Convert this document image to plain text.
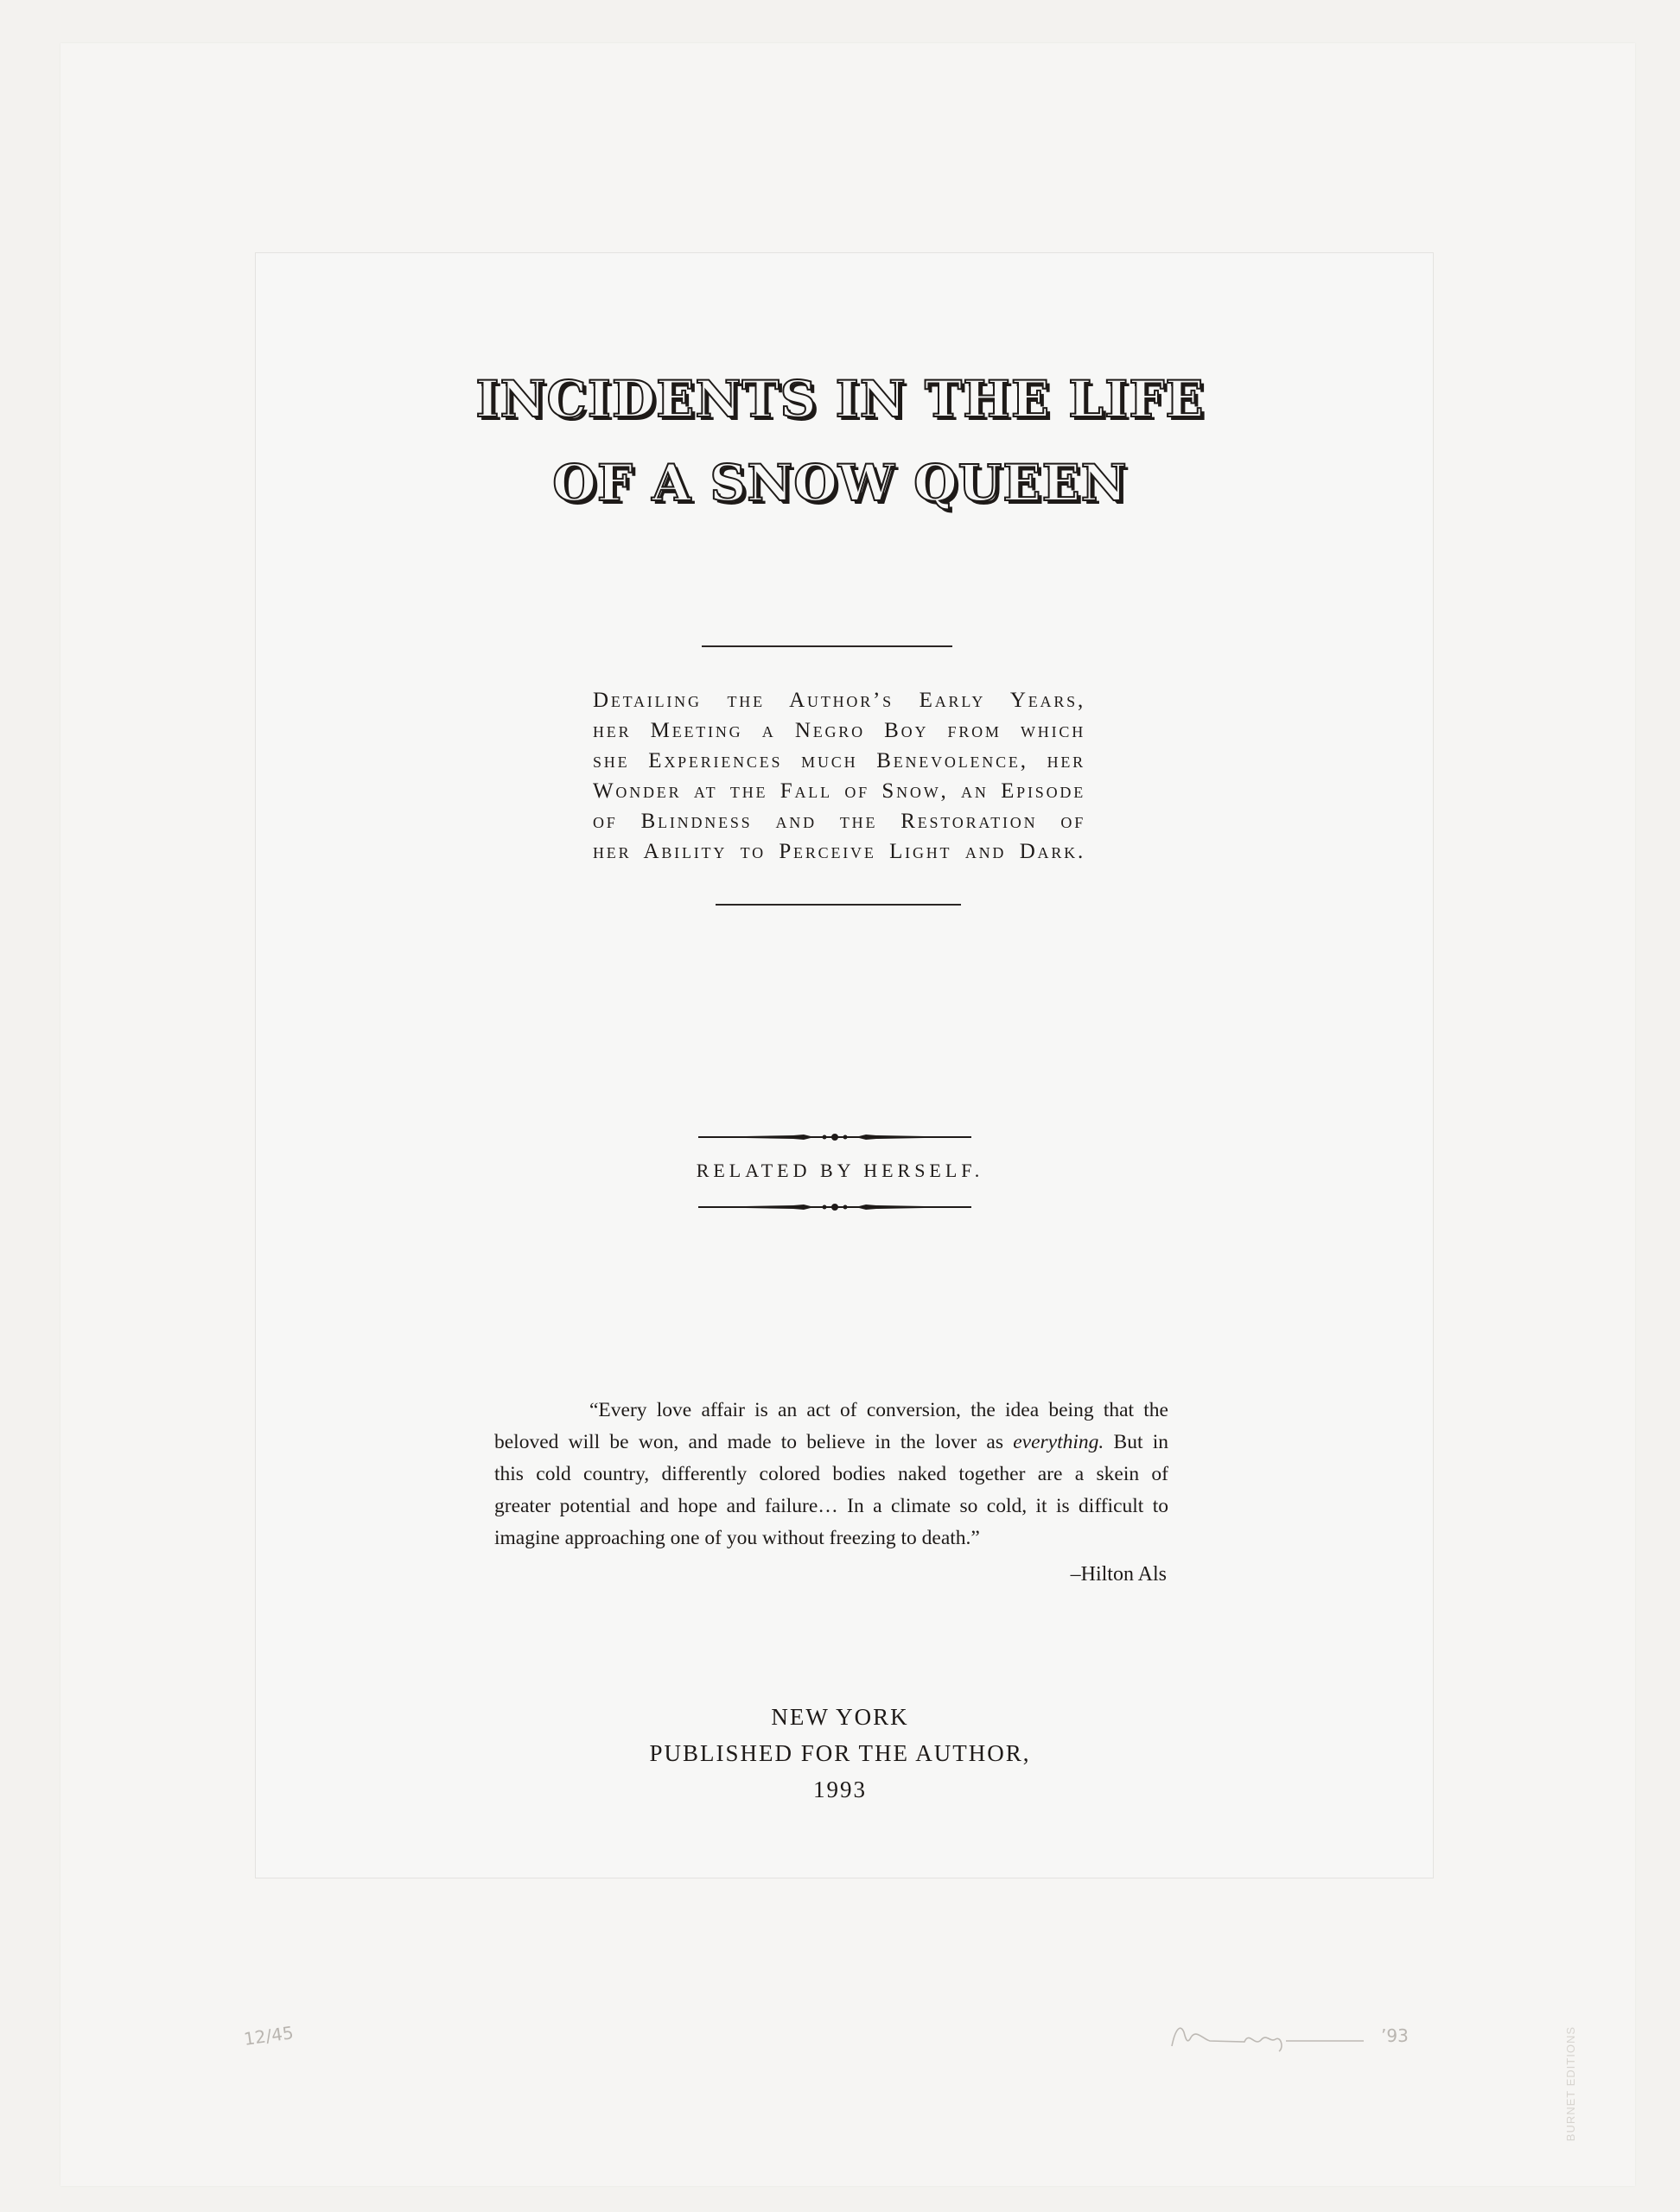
INCIDENTS IN THE LIFE
OF A SNOW QUEEN
Detailing the Author’s Early Years,
her Meeting a Negro Boy from which
she Experiences much Benevolence, her
Wonder at the Fall of Snow, an Episode
of Blindness and the Restoration of
her Ability to Perceive Light and Dark.
RELATED BY HERSELF.
“Every love affair is an act of conversion, the idea being that the
beloved will be won, and made to believe in the lover as everything. But in
this cold country, differently colored bodies naked together are a skein of
greater potential and hope and failure… In a climate so cold, it is difficult to
imagine approaching one of you without freezing to death.”
–Hilton Als
NEW YORK
PUBLISHED FOR THE AUTHOR,
1993
12/45	’93	BURNET EDITIONS
